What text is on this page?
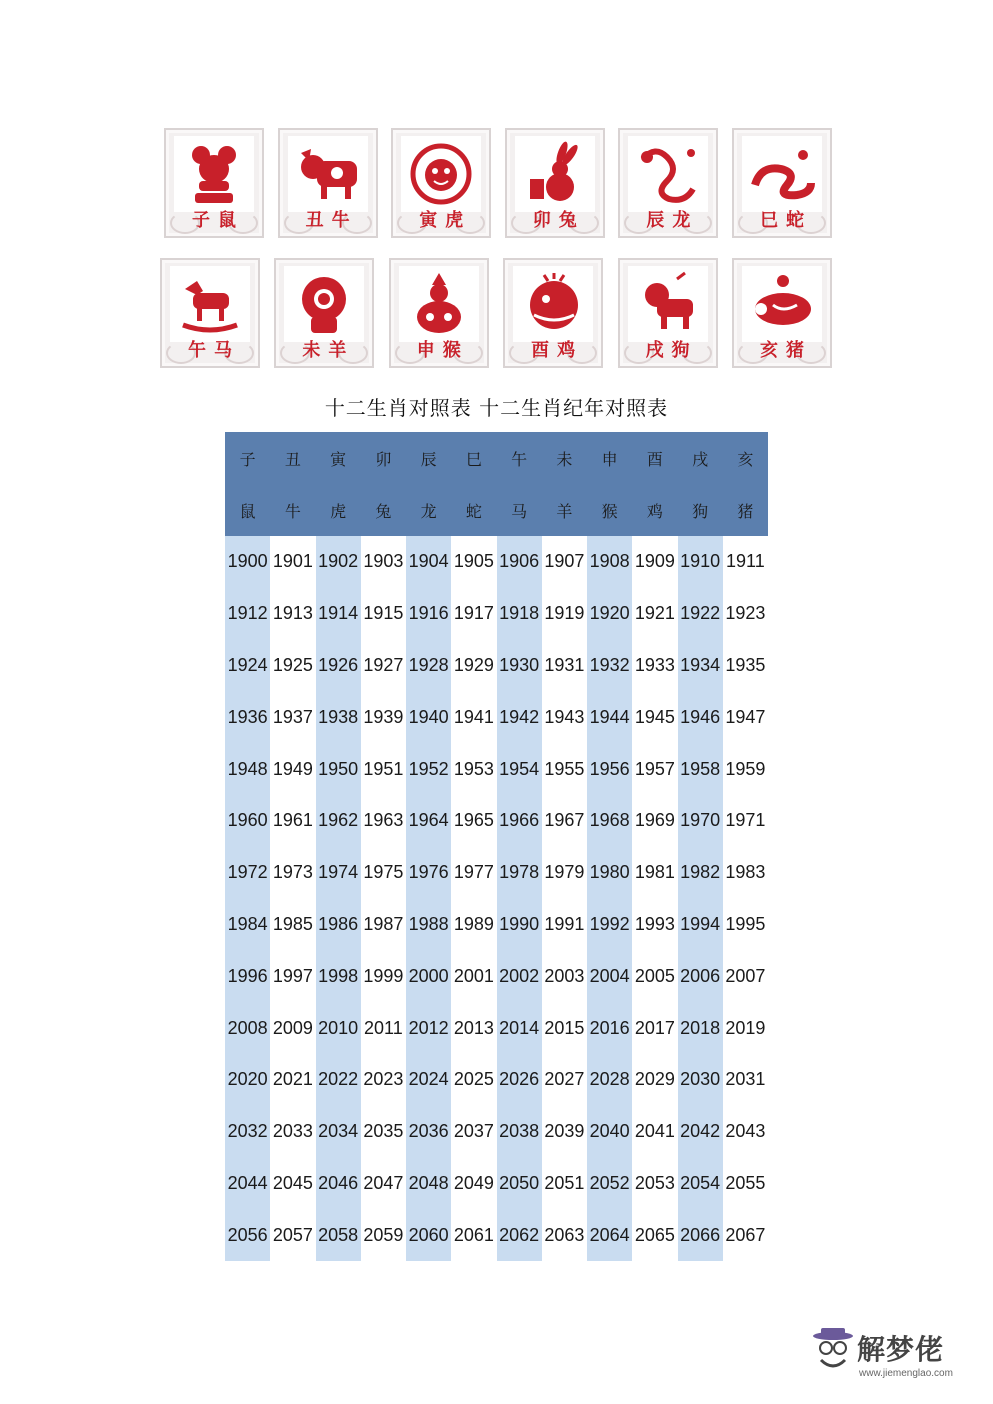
子鼠	丑牛	寅虎	卯兔	辰龙	巳蛇
午马	未羊	申猴	酉鸡	戌狗	亥猪
十二生肖对照表 十二生肖纪年对照表
子	丑	寅	卯	辰	巳	午	未	申	酉	戌	亥
鼠	牛	虎	兔	龙	蛇	马	羊	猴	鸡	狗	猪
1900	1901	1902	1903	1904	1905	1906	1907	1908	1909	1910	1911
1912	1913	1914	1915	1916	1917	1918	1919	1920	1921	1922	1923
1924	1925	1926	1927	1928	1929	1930	1931	1932	1933	1934	1935
1936	1937	1938	1939	1940	1941	1942	1943	1944	1945	1946	1947
1948	1949	1950	1951	1952	1953	1954	1955	1956	1957	1958	1959
1960	1961	1962	1963	1964	1965	1966	1967	1968	1969	1970	1971
1972	1973	1974	1975	1976	1977	1978	1979	1980	1981	1982	1983
1984	1985	1986	1987	1988	1989	1990	1991	1992	1993	1994	1995
1996	1997	1998	1999	2000	2001	2002	2003	2004	2005	2006	2007
2008	2009	2010	2011	2012	2013	2014	2015	2016	2017	2018	2019
2020	2021	2022	2023	2024	2025	2026	2027	2028	2029	2030	2031
2032	2033	2034	2035	2036	2037	2038	2039	2040	2041	2042	2043
2044	2045	2046	2047	2048	2049	2050	2051	2052	2053	2054	2055
2056	2057	2058	2059	2060	2061	2062	2063	2064	2065	2066	2067
解梦佬
www.jiemenglao.com
